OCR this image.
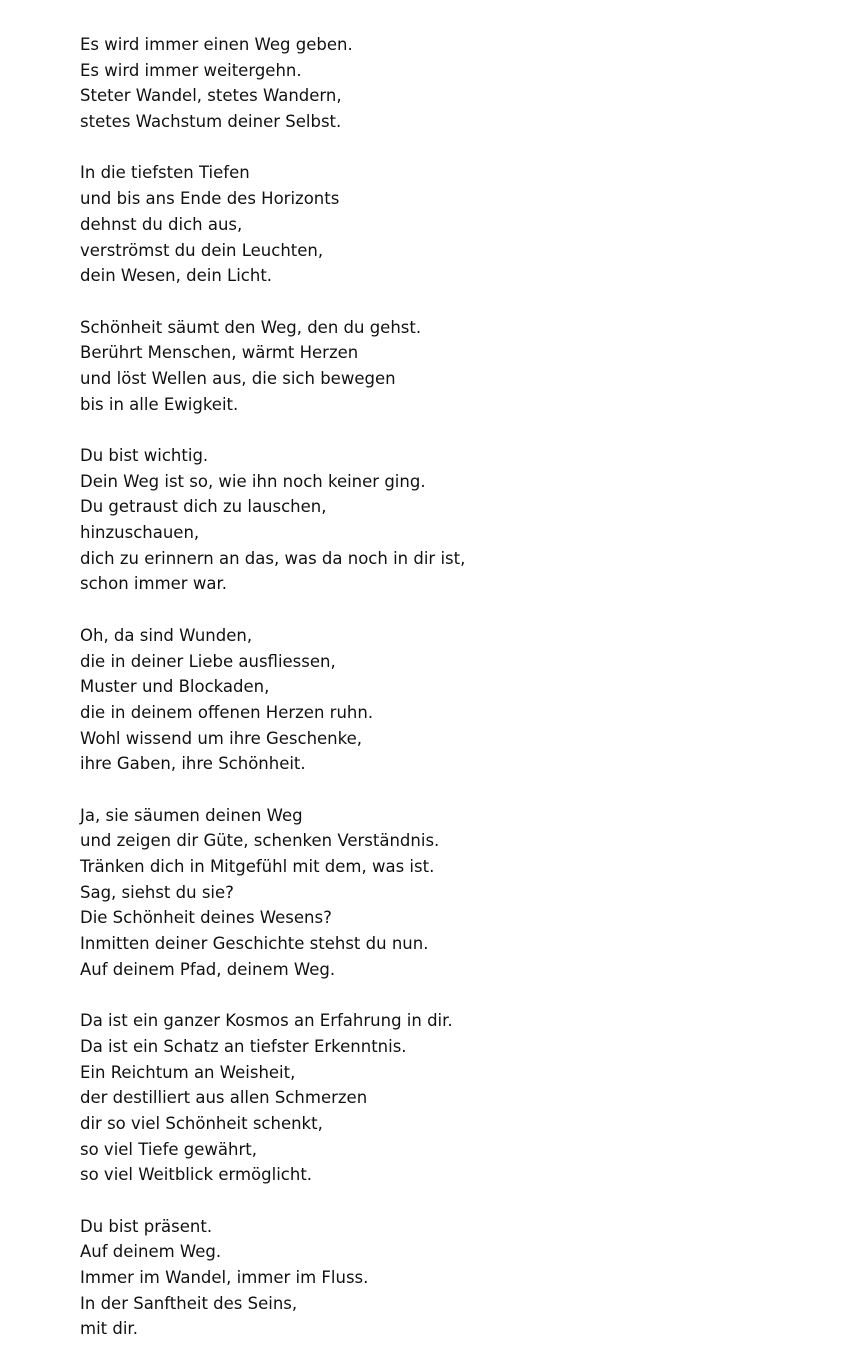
Es wird immer einen Weg geben.
Es wird immer weitergehn.
Steter Wandel, stetes Wandern,
stetes Wachstum deiner Selbst.
In die tiefsten Tiefen
und bis ans Ende des Horizonts
dehnst du dich aus,
verströmst du dein Leuchten,
dein Wesen, dein Licht.
Schönheit säumt den Weg, den du gehst.
Berührt Menschen, wärmt Herzen
und löst Wellen aus, die sich bewegen
bis in alle Ewigkeit.
Du bist wichtig.
Dein Weg ist so, wie ihn noch keiner ging.
Du getraust dich zu lauschen,
hinzuschauen,
dich zu erinnern an das, was da noch in dir ist,
schon immer war.
Oh, da sind Wunden,
die in deiner Liebe ausfliessen,
Muster und Blockaden,
die in deinem offenen Herzen ruhn.
Wohl wissend um ihre Geschenke,
ihre Gaben, ihre Schönheit.
Ja, sie säumen deinen Weg
und zeigen dir Güte, schenken Verständnis.
Tränken dich in Mitgefühl mit dem, was ist.
Sag, siehst du sie?
Die Schönheit deines Wesens?
Inmitten deiner Geschichte stehst du nun.
Auf deinem Pfad, deinem Weg.
Da ist ein ganzer Kosmos an Erfahrung in dir.
Da ist ein Schatz an tiefster Erkenntnis.
Ein Reichtum an Weisheit,
der destilliert aus allen Schmerzen
dir so viel Schönheit schenkt,
so viel Tiefe gewährt,
so viel Weitblick ermöglicht.
Du bist präsent.
Auf deinem Weg.
Immer im Wandel, immer im Fluss.
In der Sanftheit des Seins,
mit dir.
